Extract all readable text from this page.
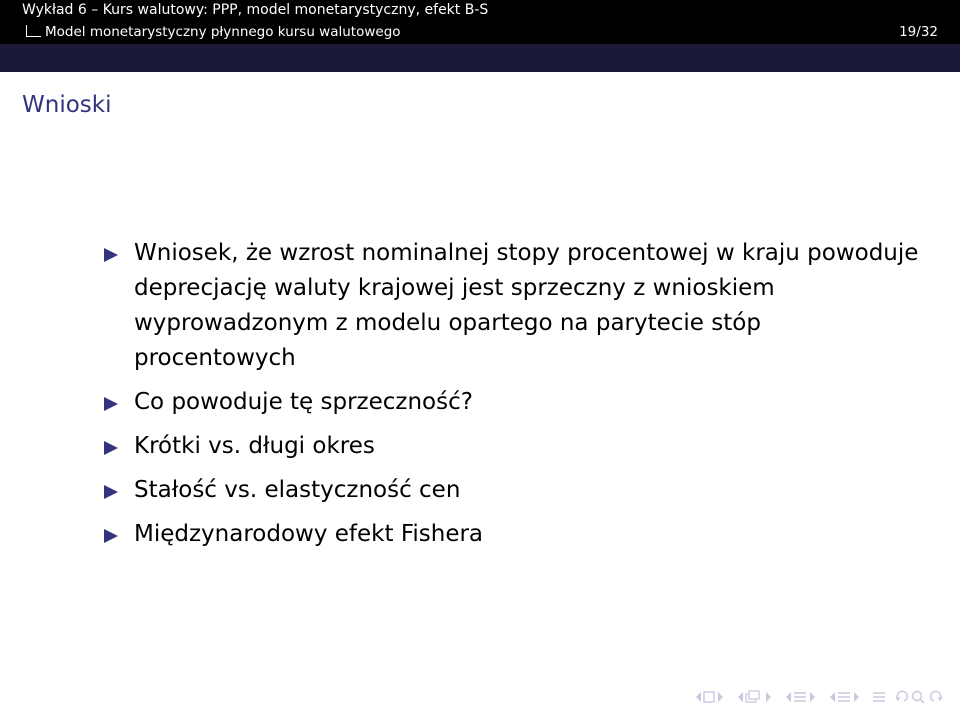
Wykład 6 – Kurs walutowy: PPP, model monetarystyczny, efekt B-S
Model monetarystyczny płynnego kursu walutowego	19/32
Wnioski
Wniosek, że wzrost nominalnej stopy procentowej w kraju powoduje deprecjację waluty krajowej jest sprzeczny z wnioskiem wyprowadzonym z modelu opartego na parytecie stóp procentowych
Co powoduje tę sprzeczność?
Krótki vs. długi okres
Stałość vs. elastyczność cen
Międzynarodowy efekt Fishera
